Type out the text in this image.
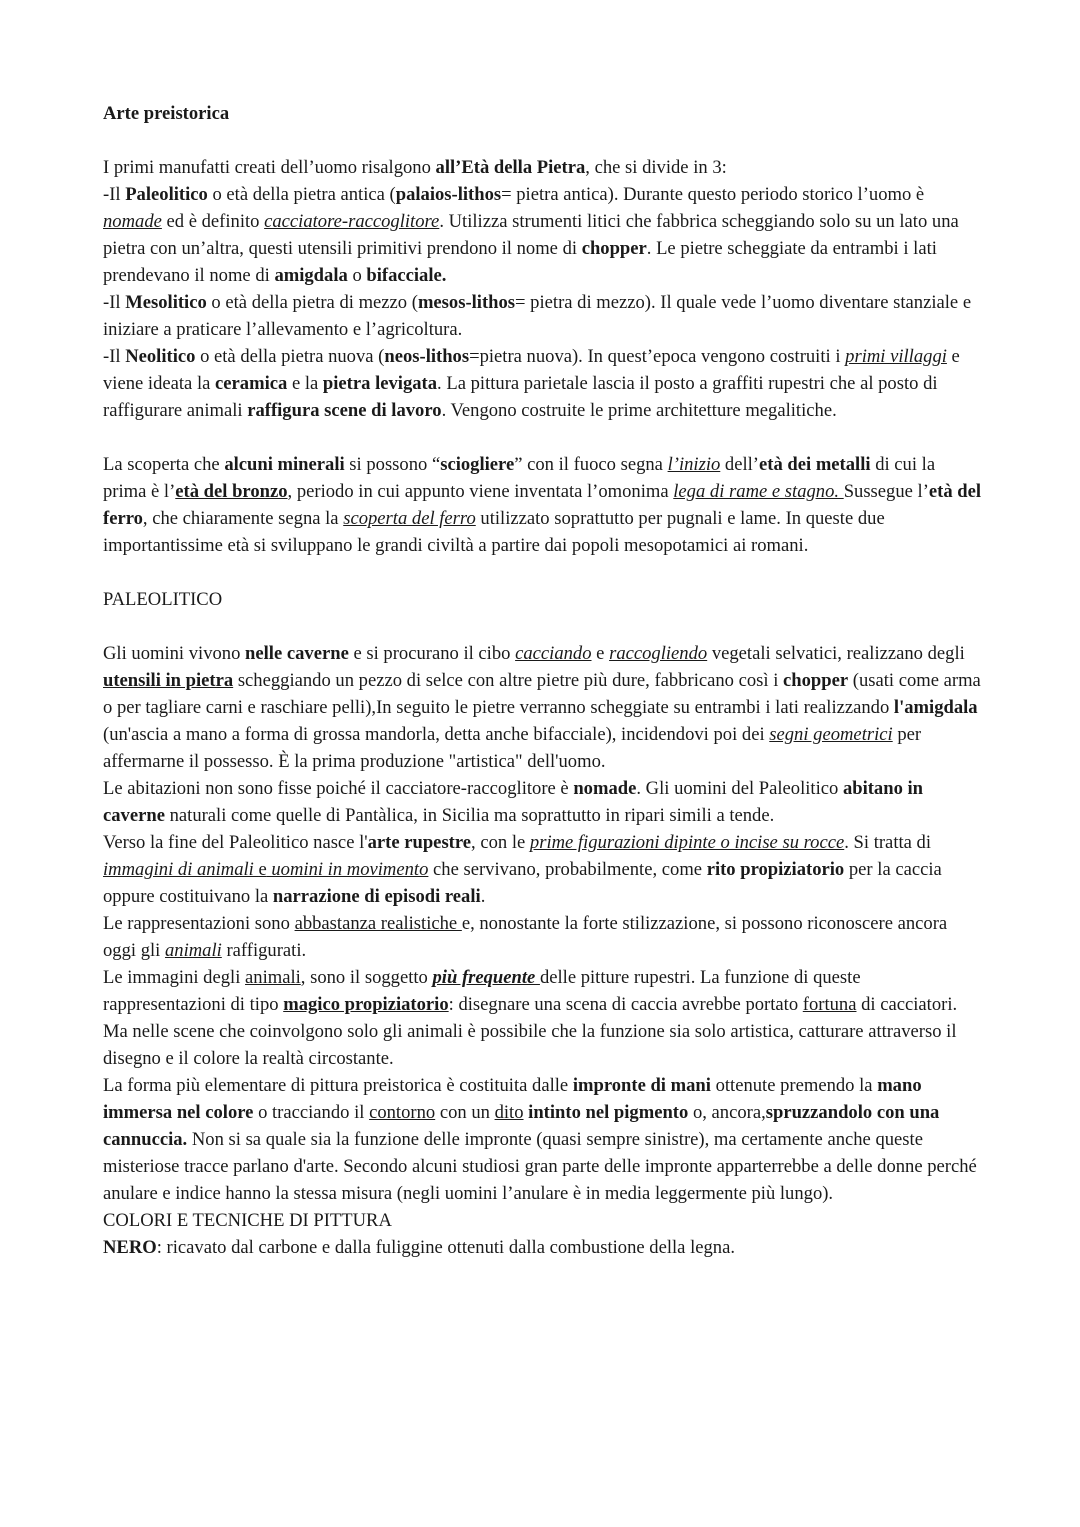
Arte preistorica

I primi manufatti creati dell’uomo risalgono all’Età della Pietra, che si divide in 3:
-Il Paleolitico o età della pietra antica (palaios-lithos= pietra antica). Durante questo periodo storico l’uomo è nomade ed è definito cacciatore-raccoglitore. Utilizza strumenti litici che fabbrica scheggiando solo su un lato una pietra con un’altra, questi utensili primitivi prendono il nome di chopper. Le pietre scheggiate da entrambi i lati prendevano il nome di amigdala o bifacciale.
-Il Mesolitico o età della pietra di mezzo (mesos-lithos= pietra di mezzo). Il quale vede l’uomo diventare stanziale e iniziare a praticare l’allevamento e l’agricoltura.
-Il Neolitico o età della pietra nuova (neos-lithos=pietra nuova). In quest’epoca vengono costruiti i primi villaggi e viene ideata la ceramica e la pietra levigata. La pittura parietale lascia il posto a graffiti rupestri che al posto di raffigurare animali raffigura scene di lavoro. Vengono costruite le prime architetture megalitiche.

La scoperta che alcuni minerali si possono “sciogliere” con il fuoco segna l’inizio dell’età dei metalli di cui la prima è l’età del bronzo, periodo in cui appunto viene inventata l’omonima lega di rame e stagno. Sussegue l’età del ferro, che chiaramente segna la scoperta del ferro utilizzato soprattutto per pugnali e lame. In queste due importantissime età si sviluppano le grandi civiltà a partire dai popoli mesopotamici ai romani.

PALEOLITICO

Gli uomini vivono nelle caverne e si procurano il cibo cacciando e raccogliendo vegetali selvatici, realizzano degli utensili in pietra scheggiando un pezzo di selce con altre pietre più dure, fabbricano così i chopper (usati come arma o per tagliare carni e raschiare pelli),In seguito le pietre verranno scheggiate su entrambi i lati realizzando l'amigdala (un'ascia a mano a forma di grossa mandorla, detta anche bifacciale), incidendovi poi dei segni geometrici per affermarne il possesso. È la prima produzione "artistica" dell'uomo.

Le abitazioni non sono fisse poiché il cacciatore-raccoglitore è nomade. Gli uomini del Paleolitico abitano in caverne naturali come quelle di Pantàlica, in Sicilia ma soprattutto in ripari simili a tende.

Verso la fine del Paleolitico nasce l'arte rupestre, con le prime figurazioni dipinte o incise su rocce. Si tratta di immagini di animali e uomini in movimento che servivano, probabilmente, come rito propiziatorio per la caccia oppure costituivano la narrazione di episodi reali.

Le rappresentazioni sono abbastanza realistiche e, nonostante la forte stilizzazione, si possono riconoscere ancora oggi gli animali raffigurati.

Le immagini degli animali, sono il soggetto più frequente delle pitture rupestri. La funzione di queste rappresentazioni di tipo magico propiziatorio: disegnare una scena di caccia avrebbe portato fortuna di cacciatori. Ma nelle scene che coinvolgono solo gli animali è possibile che la funzione sia solo artistica, catturare attraverso il disegno e il colore la realtà circostante.

La forma più elementare di pittura preistorica è costituita dalle impronte di mani ottenute premendo la mano immersa nel colore o tracciando il contorno con un dito intinto nel pigmento o, ancora,spruzzandolo con una cannuccia. Non si sa quale sia la funzione delle impronte (quasi sempre sinistre), ma certamente anche queste misteriose tracce parlano d'arte. Secondo alcuni studiosi gran parte delle impronte apparterrebbe a delle donne perché anulare e indice hanno la stessa misura (negli uomini l’anulare è in media leggermente più lungo).

COLORI E TECNICHE DI PITTURA

NERO: ricavato dal carbone e dalla fuliggine ottenuti dalla combustione della legna.
